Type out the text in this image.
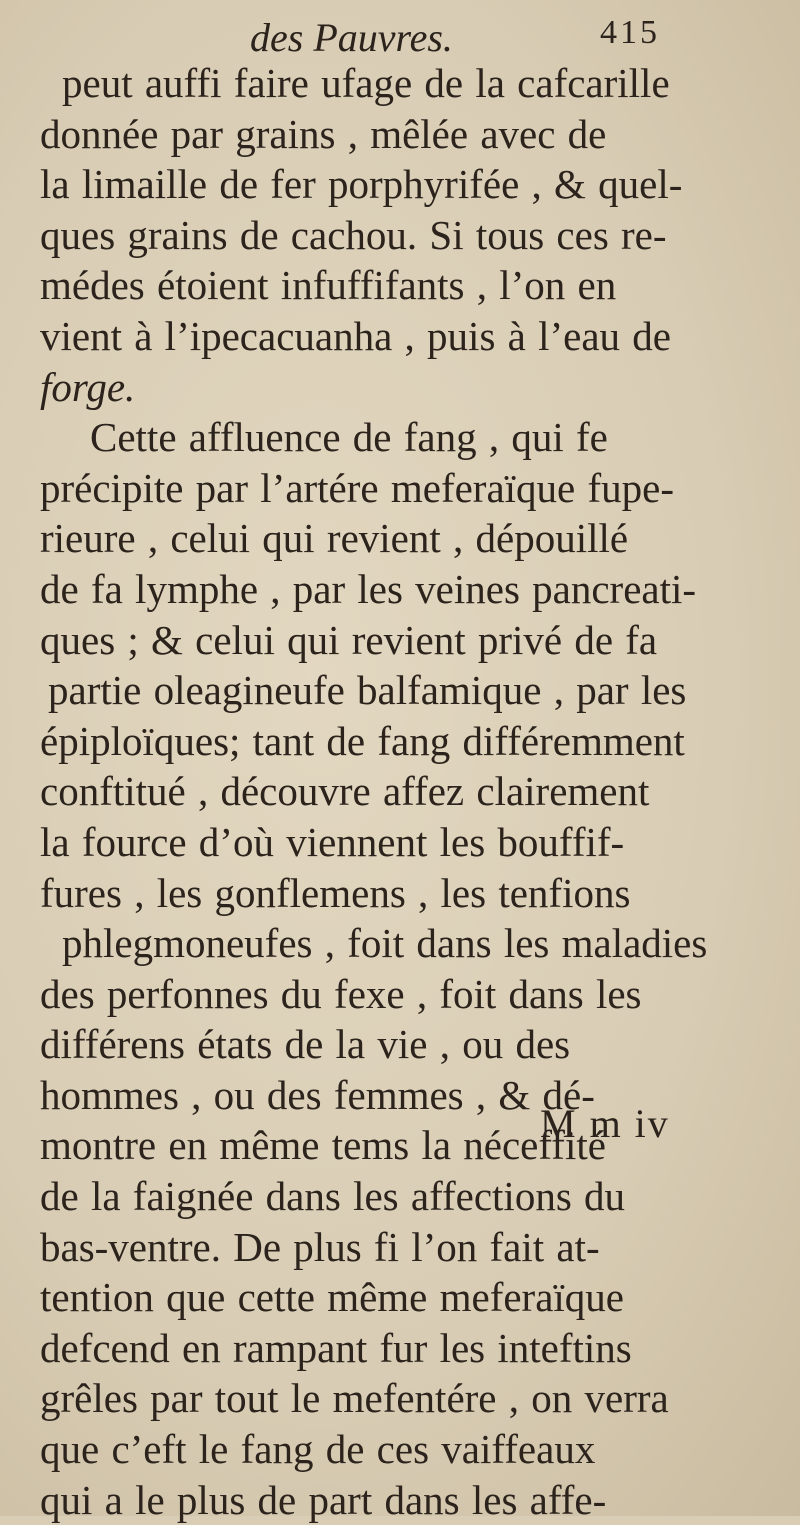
des Pauvres.	415
peut auffi faire ufage de la cafcarille
donnée par grains , mêlée avec de
la limaille de fer porphyrifée , & quel-
ques grains de cachou. Si tous ces re-
médes étoient infuffifants , l’on en
vient à l’ipecacuanha , puis à l’eau de
forge.
Cette affluence de fang , qui fe
précipite par l’artére meferaïque fupe-
rieure , celui qui revient , dépouillé
de fa lymphe , par les veines pancreati-
ques ; & celui qui revient privé de fa
partie oleagineufe balfamique , par les
épiploïques; tant de fang différemment
conftitué , découvre affez clairement
la fource d’où viennent les bouffif-
fures , les gonflemens , les tenfions
phlegmoneufes , foit dans les maladies
des perfonnes du fexe , foit dans les
différens états de la vie , ou des
hommes , ou des femmes , & dé-
montre en même tems la néceffité
de la faignée dans les affections du
bas-ventre. De plus fi l’on fait at-
tention que cette même meferaïque
defcend en rampant fur les inteftins
grêles par tout le mefentére , on verra
que c’eft le fang de ces vaiffeaux
qui a le plus de part dans les affe-
M m iv
